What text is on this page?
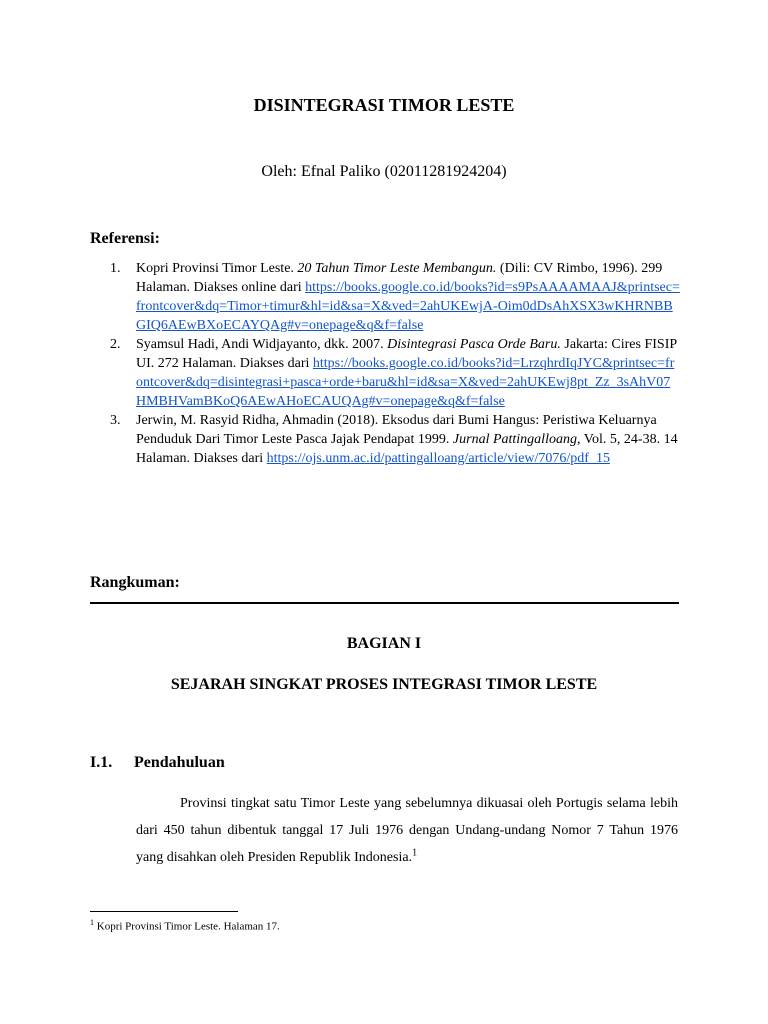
DISINTEGRASI TIMOR LESTE

Oleh: Efnal Paliko (02011281924204)

Referensi:

1. Kopri Provinsi Timor Leste. 20 Tahun Timor Leste Membangun. (Dili: CV Rimbo, 1996). 299 Halaman. Diakses online dari https://books.google.co.id/books?id=s9PsAAAAMAAJ&printsec=frontcover&dq=Timor+timur&hl=id&sa=X&ved=2ahUKEwjA-Oim0dDsAhXSX3wKHRNBBGIQ6AEwBXoECAYQAg#v=onepage&q&f=false
2. Syamsul Hadi, Andi Widjayanto, dkk. 2007. Disintegrasi Pasca Orde Baru. Jakarta: Cires FISIP UI. 272 Halaman. Diakses dari https://books.google.co.id/books?id=LrzqhrdIqJYC&printsec=frontcover&dq=disintegrasi+pasca+orde+baru&hl=id&sa=X&ved=2ahUKEwj8pt_Zz_3sAhV07HMBHVamBKoQ6AEwAHoECAUQAg#v=onepage&q&f=false
3. Jerwin, M. Rasyid Ridha, Ahmadin (2018). Eksodus dari Bumi Hangus: Peristiwa Keluarnya Penduduk Dari Timor Leste Pasca Jajak Pendapat 1999. Jurnal Pattingalloang, Vol. 5, 24-38. 14 Halaman. Diakses dari https://ojs.unm.ac.id/pattingalloang/article/view/7076/pdf_15

Rangkuman:

BAGIAN I

SEJARAH SINGKAT PROSES INTEGRASI TIMOR LESTE

I.1. Pendahuluan

Provinsi tingkat satu Timor Leste yang sebelumnya dikuasai oleh Portugis selama lebih dari 450 tahun dibentuk tanggal 17 Juli 1976 dengan Undang-undang Nomor 7 Tahun 1976 yang disahkan oleh Presiden Republik Indonesia.$^1$

$^1$ Kopri Provinsi Timor Leste. Halaman 17.
